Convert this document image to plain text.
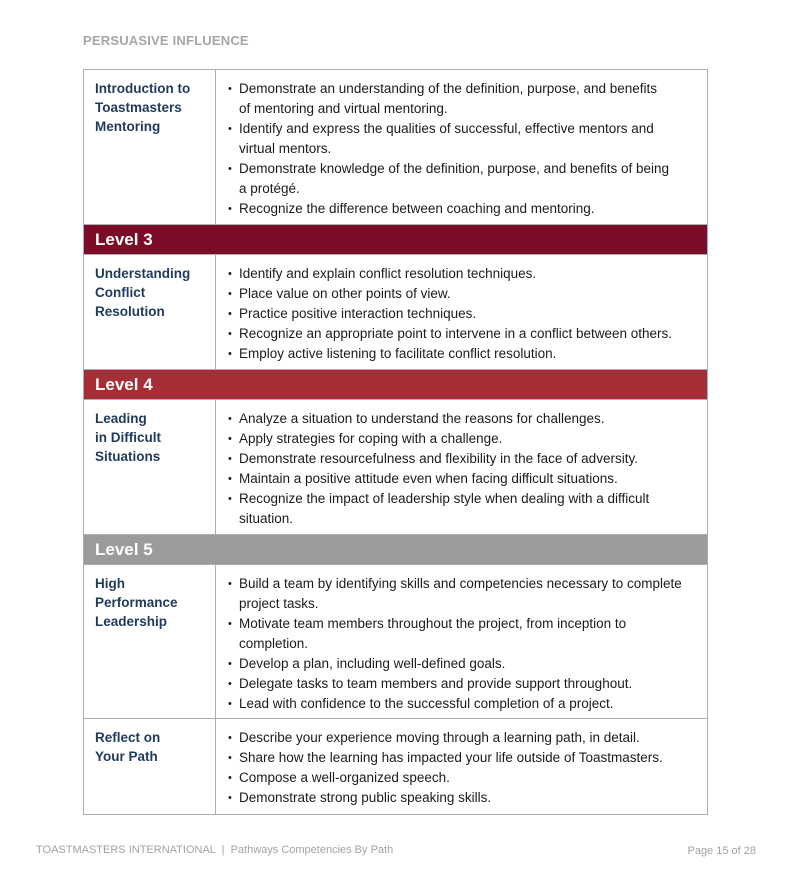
PERSUASIVE INFLUENCE
Introduction to
Toastmasters
Mentoring
• Demonstrate an understanding of the definition, purpose, and benefits
of mentoring and virtual mentoring.
• Identify and express the qualities of successful, effective mentors and
virtual mentors.
• Demonstrate knowledge of the definition, purpose, and benefits of being
a protégé.
• Recognize the difference between coaching and mentoring.
Level 3
Understanding
Conflict
Resolution
• Identify and explain conflict resolution techniques.
• Place value on other points of view.
• Practice positive interaction techniques.
• Recognize an appropriate point to intervene in a conflict between others.
• Employ active listening to facilitate conflict resolution.
Level 4
Leading
in Difficult
Situations
• Analyze a situation to understand the reasons for challenges.
• Apply strategies for coping with a challenge.
• Demonstrate resourcefulness and flexibility in the face of adversity.
• Maintain a positive attitude even when facing difficult situations.
• Recognize the impact of leadership style when dealing with a difficult
situation.
Level 5
High
Performance
Leadership
• Build a team by identifying skills and competencies necessary to complete
project tasks.
• Motivate team members throughout the project, from inception to
completion.
• Develop a plan, including well-defined goals.
• Delegate tasks to team members and provide support throughout.
• Lead with confidence to the successful completion of a project.
Reflect on
Your Path
• Describe your experience moving through a learning path, in detail.
• Share how the learning has impacted your life outside of Toastmasters.
• Compose a well-organized speech.
• Demonstrate strong public speaking skills.
TOASTMASTERS INTERNATIONAL  |  Pathways Competencies By Path	Page 15 of 28
